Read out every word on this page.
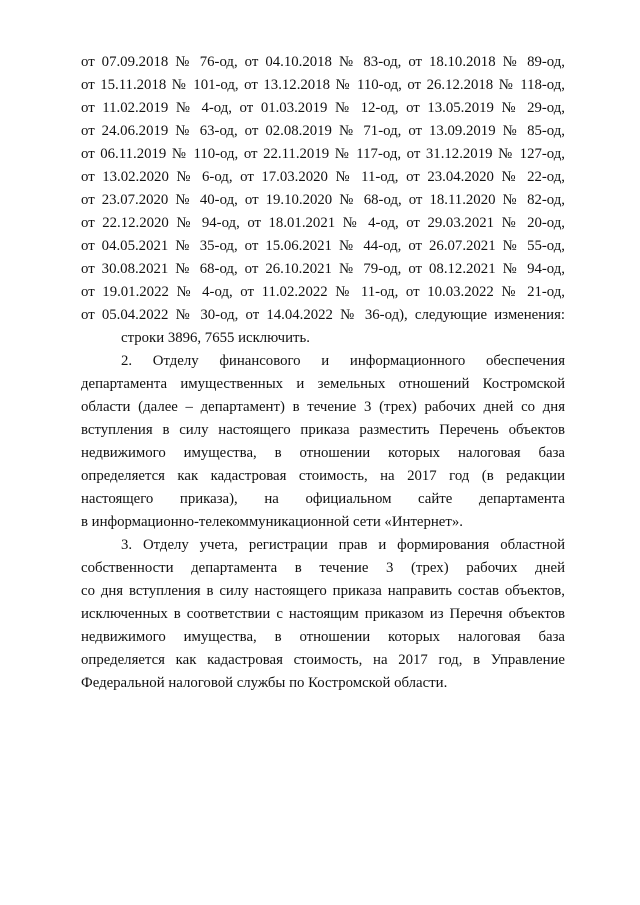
от 07.09.2018 № 76-од, от 04.10.2018 № 83-од, от 18.10.2018 № 89-од,
от 15.11.2018 № 101-од, от 13.12.2018 № 110-од, от 26.12.2018 № 118-од,
от 11.02.2019 № 4-од, от 01.03.2019 № 12-од, от 13.05.2019 № 29-од,
от 24.06.2019 № 63-од, от 02.08.2019 № 71-од, от 13.09.2019 № 85-од,
от 06.11.2019 № 110-од, от 22.11.2019 № 117-од, от 31.12.2019 № 127-од,
от 13.02.2020 № 6-од, от 17.03.2020 № 11-од, от 23.04.2020 № 22-од,
от 23.07.2020 № 40-од, от 19.10.2020 № 68-од, от 18.11.2020 № 82-од,
от 22.12.2020 № 94-од, от 18.01.2021 № 4-од, от 29.03.2021 № 20-од,
от 04.05.2021 № 35-од, от 15.06.2021 № 44-од, от 26.07.2021 № 55-од,
от 30.08.2021 № 68-од, от 26.10.2021 № 79-од, от 08.12.2021 № 94-од,
от 19.01.2022 № 4-од, от 11.02.2022 № 11-од, от 10.03.2022 № 21-од,
от 05.04.2022 № 30-од, от 14.04.2022 № 36-од), следующие изменения:
строки 3896, 7655 исключить.
2. Отделу финансового и информационного обеспечения
департамента имущественных и земельных отношений Костромской
области (далее – департамент) в течение 3 (трех) рабочих дней со дня
вступления в силу настоящего приказа разместить Перечень объектов
недвижимого имущества, в отношении которых налоговая база
определяется как кадастровая стоимость, на 2017 год (в редакции
настоящего приказа), на официальном сайте департамента
в информационно-телекоммуникационной сети «Интернет».
3. Отделу учета, регистрации прав и формирования областной
собственности департамента в течение 3 (трех) рабочих дней
со дня вступления в силу настоящего приказа направить состав объектов,
исключенных в соответствии с настоящим приказом из Перечня объектов
недвижимого имущества, в отношении которых налоговая база
определяется как кадастровая стоимость, на 2017 год, в Управление
Федеральной налоговой службы по Костромской области.
